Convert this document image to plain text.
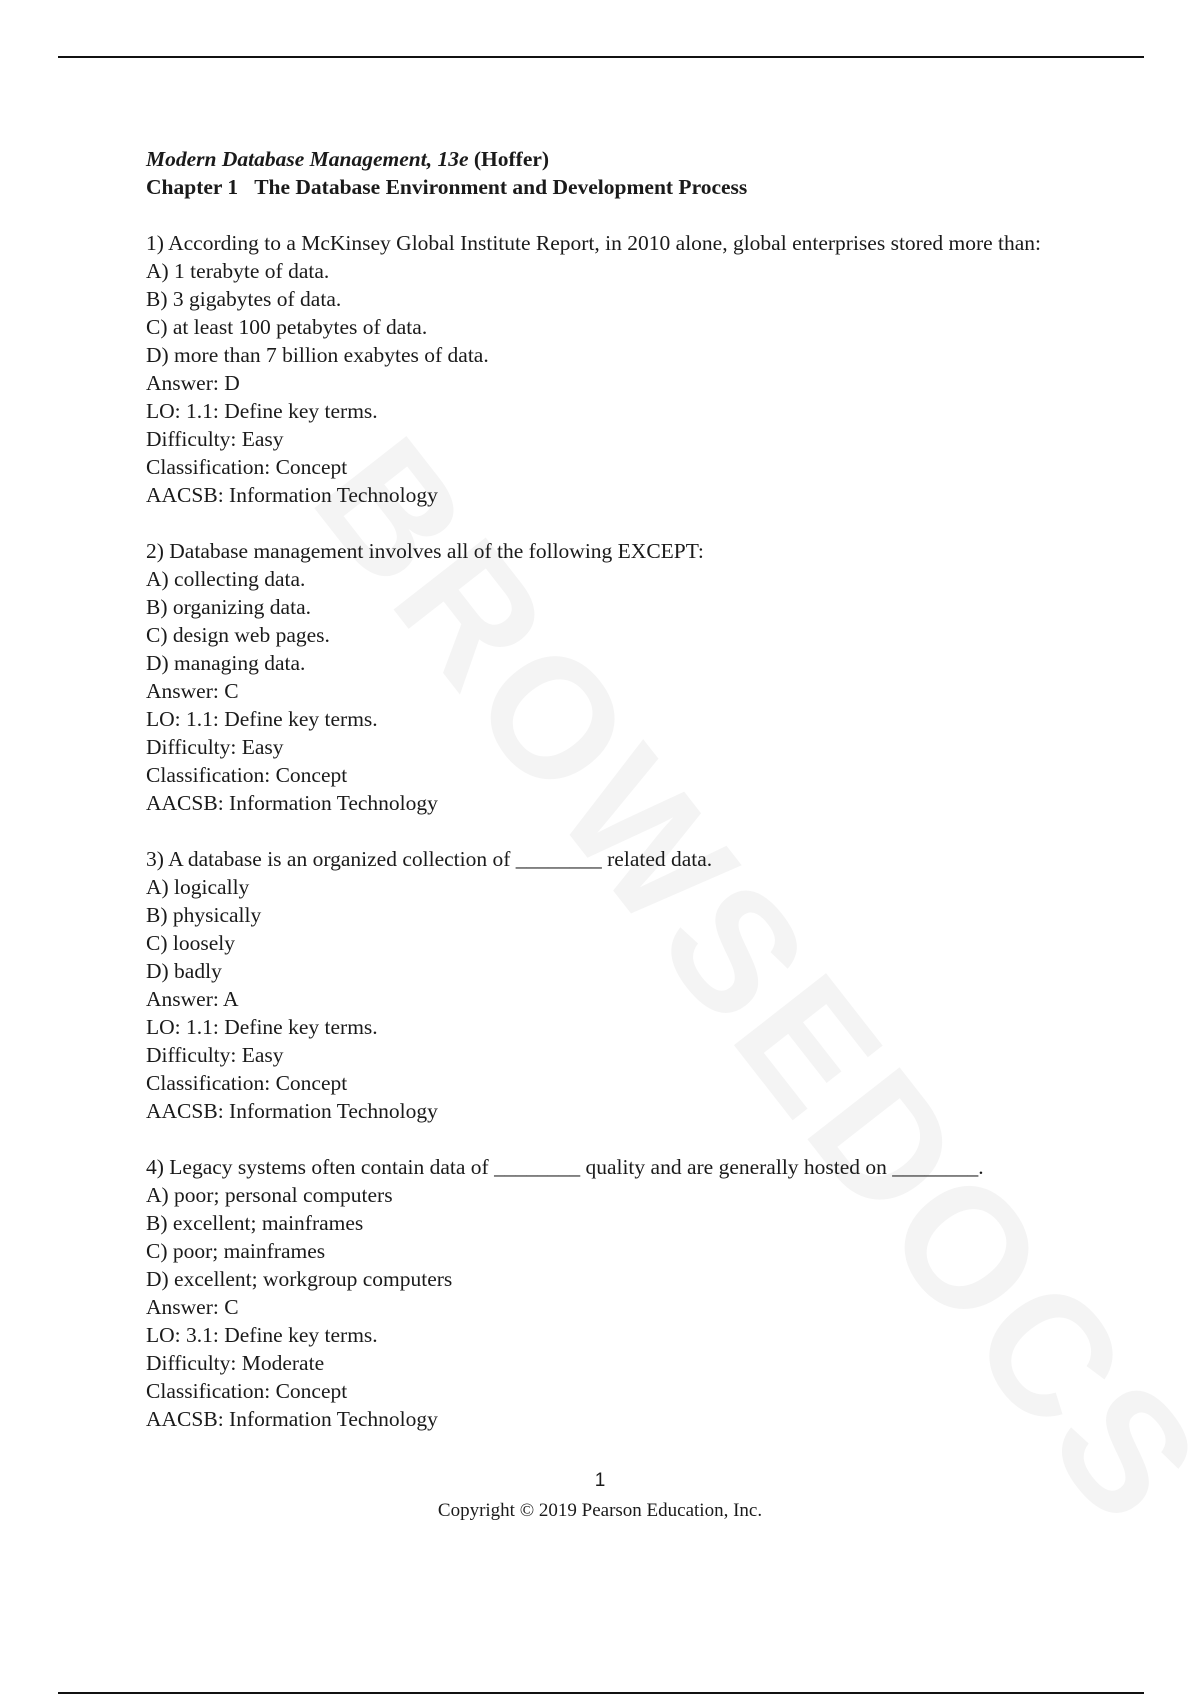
Modern Database Management, 13e (Hoffer)
Chapter 1 The Database Environment and Development Process
1) According to a McKinsey Global Institute Report, in 2010 alone, global enterprises stored more than:
A) 1 terabyte of data.
B) 3 gigabytes of data.
C) at least 100 petabytes of data.
D) more than 7 billion exabytes of data.
Answer: D
LO: 1.1: Define key terms.
Difficulty: Easy
Classification: Concept
AACSB: Information Technology
2) Database management involves all of the following EXCEPT:
A) collecting data.
B) organizing data.
C) design web pages.
D) managing data.
Answer: C
LO: 1.1: Define key terms.
Difficulty: Easy
Classification: Concept
AACSB: Information Technology
3) A database is an organized collection of ________ related data.
A) logically
B) physically
C) loosely
D) badly
Answer: A
LO: 1.1: Define key terms.
Difficulty: Easy
Classification: Concept
AACSB: Information Technology
4) Legacy systems often contain data of ________ quality and are generally hosted on ________.
A) poor; personal computers
B) excellent; mainframes
C) poor; mainframes
D) excellent; workgroup computers
Answer: C
LO: 3.1: Define key terms.
Difficulty: Moderate
Classification: Concept
AACSB: Information Technology
1
Copyright © 2019 Pearson Education, Inc.
